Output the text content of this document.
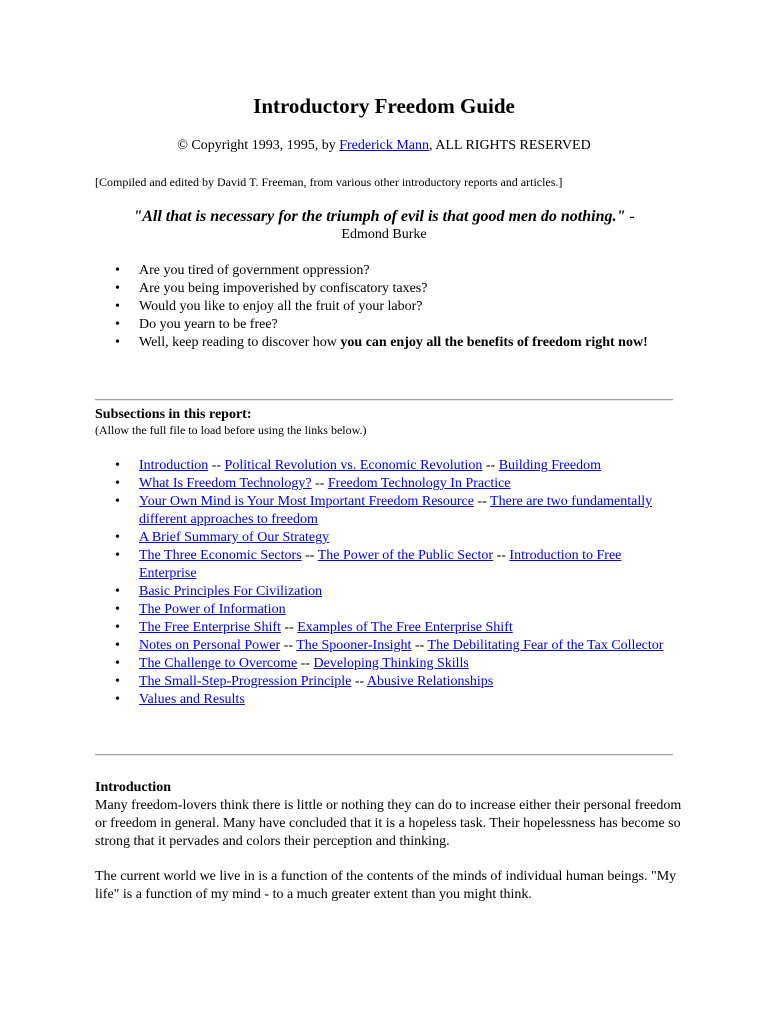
Introductory Freedom Guide
© Copyright 1993, 1995, by Frederick Mann, ALL RIGHTS RESERVED
[Compiled and edited by David T. Freeman, from various other introductory reports and articles.]
"All that is necessary for the triumph of evil is that good men do nothing." -
Edmond Burke
• Are you tired of government oppression?
• Are you being impoverished by confiscatory taxes?
• Would you like to enjoy all the fruit of your labor?
• Do you yearn to be free?
• Well, keep reading to discover how you can enjoy all the benefits of freedom right now!
Subsections in this report:
(Allow the full file to load before using the links below.)
• Introduction -- Political Revolution vs. Economic Revolution -- Building Freedom
• What Is Freedom Technology? -- Freedom Technology In Practice
• Your Own Mind is Your Most Important Freedom Resource -- There are two fundamentally different approaches to freedom
• A Brief Summary of Our Strategy
• The Three Economic Sectors -- The Power of the Public Sector -- Introduction to Free Enterprise
• Basic Principles For Civilization
• The Power of Information
• The Free Enterprise Shift -- Examples of The Free Enterprise Shift
• Notes on Personal Power -- The Spooner-Insight -- The Debilitating Fear of the Tax Collector
• The Challenge to Overcome -- Developing Thinking Skills
• The Small-Step-Progression Principle -- Abusive Relationships
• Values and Results
Introduction

Many freedom-lovers think there is little or nothing they can do to increase either their personal freedom or freedom in general. Many have concluded that it is a hopeless task. Their hopelessness has become so strong that it pervades and colors their perception and thinking.

The current world we live in is a function of the contents of the minds of individual human beings. "My life" is a function of my mind - to a much greater extent than you might think.
